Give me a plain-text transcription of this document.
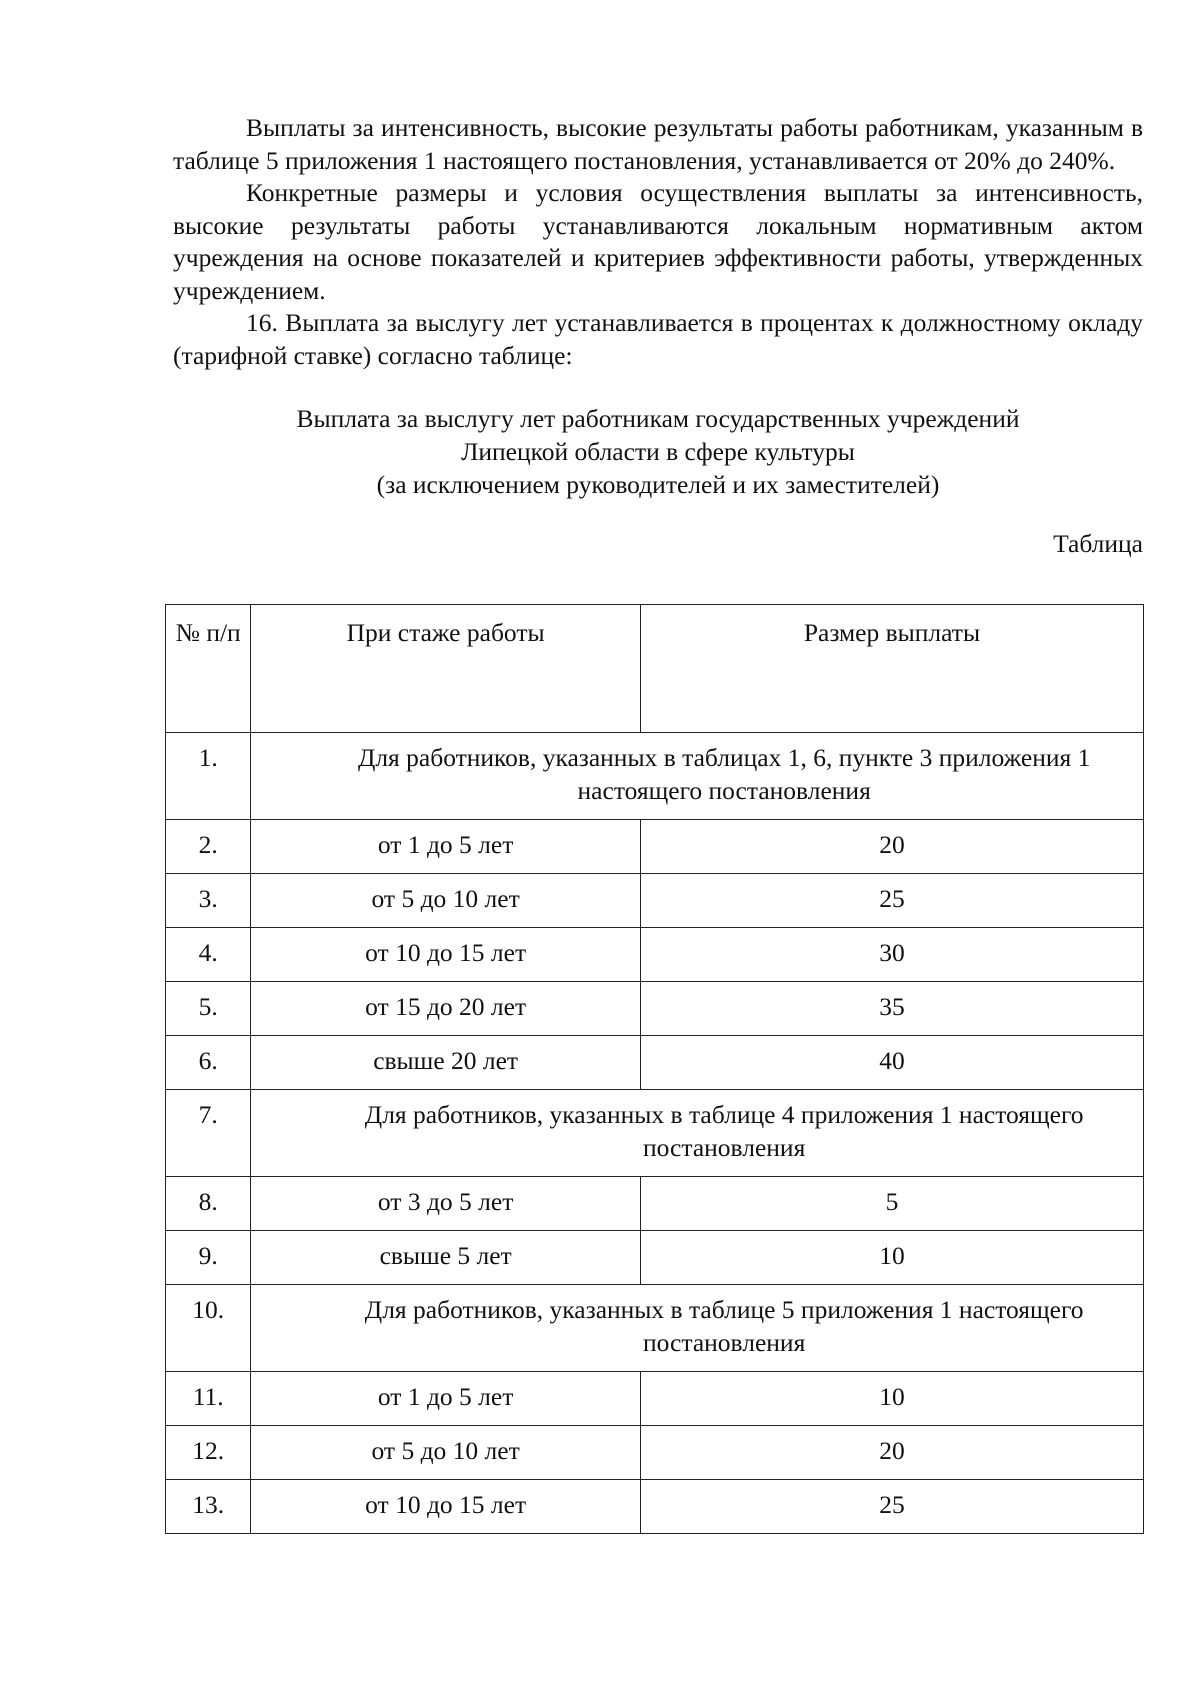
Выплаты за интенсивность, высокие результаты работы работникам, указанным в таблице 5 приложения 1 настоящего постановления, устанавливается от 20% до 240%.

Конкретные размеры и условия осуществления выплаты за интенсивность, высокие результаты работы устанавливаются локальным нормативным актом учреждения на основе показателей и критериев эффективности работы, утвержденных учреждением.

16. Выплата за выслугу лет устанавливается в процентах к должностному окладу (тарифной ставке) согласно таблице:

Выплата за выслугу лет работникам государственных учреждений
Липецкой области в сфере культуры
(за исключением руководителей и их заместителей)
Таблица
№ п/п	При стаже работы	Размер выплаты
1.	Для работников, указанных в таблицах 1, 6, пункте 3 приложения 1 настоящего постановления	
2.	от 1 до 5 лет	20
3.	от 5 до 10 лет	25
4.	от 10 до 15 лет	30
5.	от 15 до 20 лет	35
6.	свыше 20 лет	40
7.	Для работников, указанных в таблице 4 приложения 1 настоящего постановления	
8.	от 3 до 5 лет	5
9.	свыше 5 лет	10
10.	Для работников, указанных в таблице 5 приложения 1 настоящего постановления	
11.	от 1 до 5 лет	10
12.	от 5 до 10 лет	20
13.	от 10 до 15 лет	25
